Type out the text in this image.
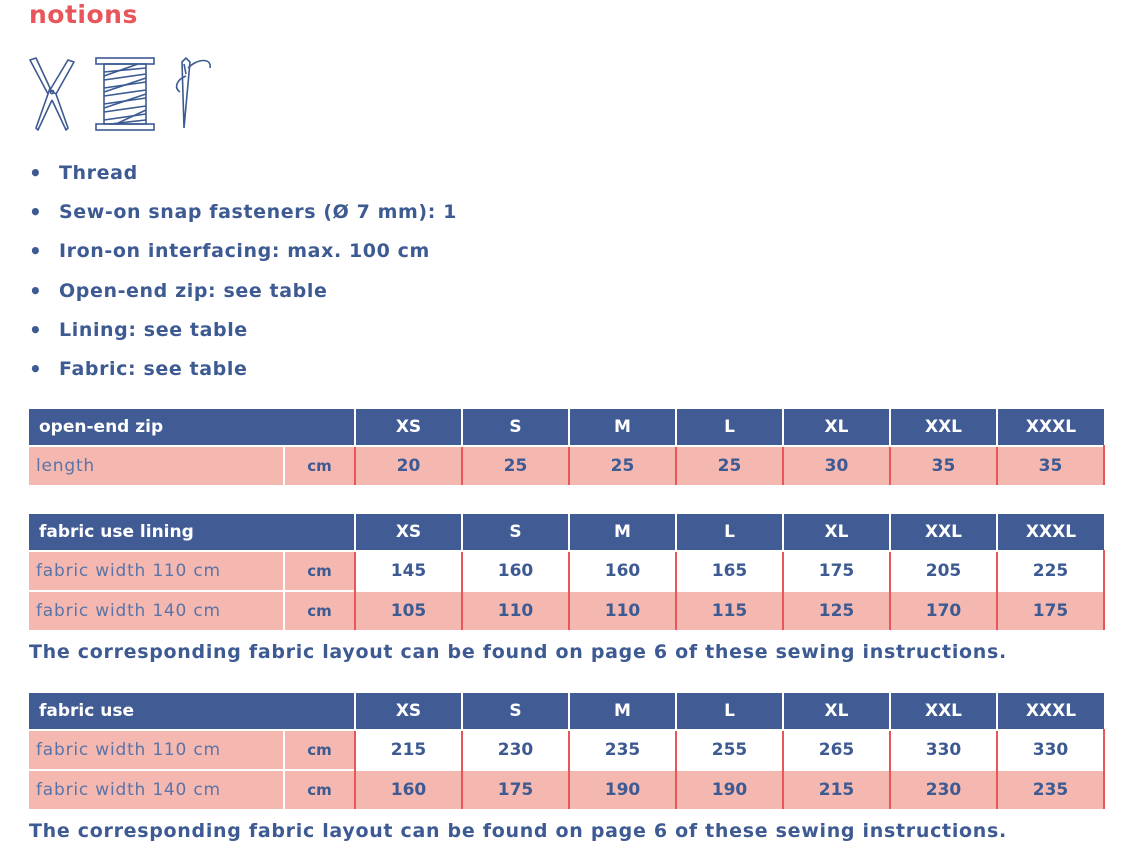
notions
• Thread
• Sew-on snap fasteners (Ø 7 mm): 1
• Iron-on interfacing: max. 100 cm
• Open-end zip: see table
• Lining: see table
• Fabric: see table
open-end zip		XS	S	M	L	XL	XXL	XXXL
length	cm	20	25	25	25	30	35	35
fabric use lining		XS	S	M	L	XL	XXL	XXXL
fabric width 110 cm	cm	145	160	160	165	175	205	225
fabric width 140 cm	cm	105	110	110	115	125	170	175
The corresponding fabric layout can be found on page 6 of these sewing instructions.
fabric use		XS	S	M	L	XL	XXL	XXXL
fabric width 110 cm	cm	215	230	235	255	265	330	330
fabric width 140 cm	cm	160	175	190	190	215	230	235
The corresponding fabric layout can be found on page 6 of these sewing instructions.
